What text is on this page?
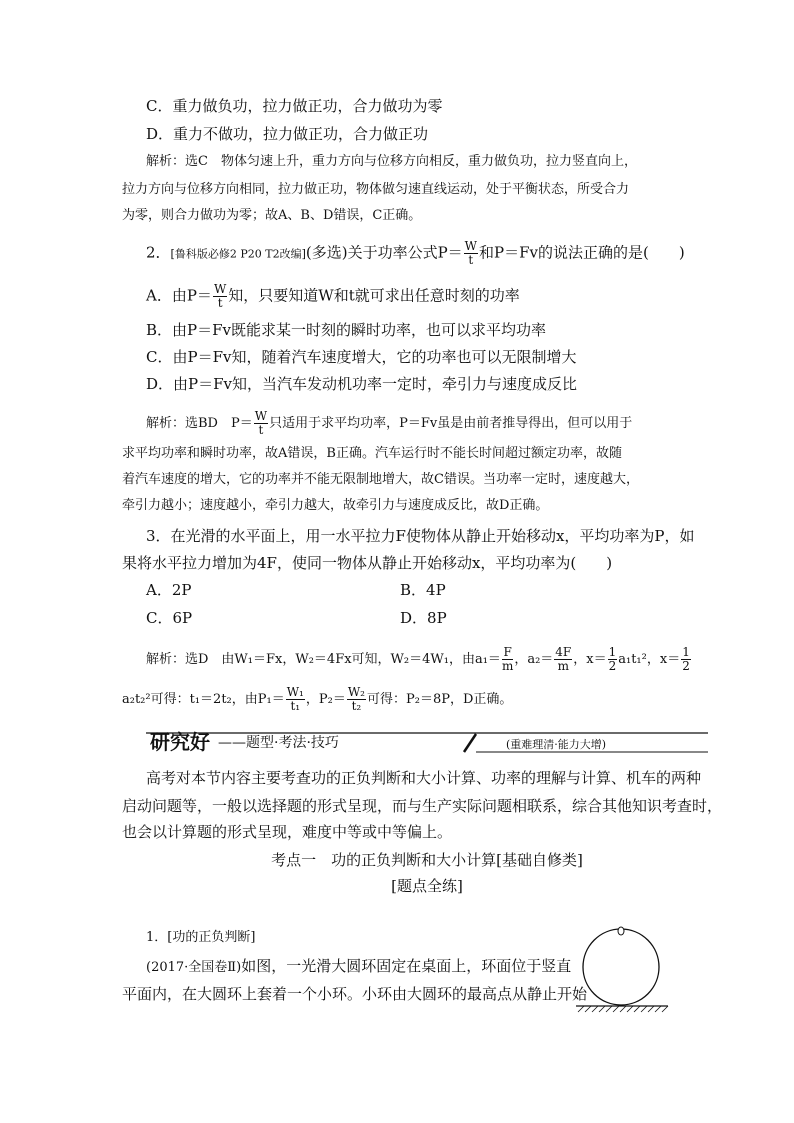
C．重力做负功，拉力做正功，合力做功为零
D．重力不做功，拉力做正功，合力做正功
解析：选C　物体匀速上升，重力方向与位移方向相反，重力做负功，拉力竖直向上，
拉力方向与位移方向相同，拉力做正功，物体做匀速直线运动，处于平衡状态，所受合力
为零，则合力做功为零；故A、B、D错误，C正确。
2．[鲁科版必修2 P20 T2改编](多选)关于功率公式$P= \frac{W}{t}$ 和P＝Fv的说法正确的是(　　)
A．由$P= \frac{W}{t}$ 知，只要知道W和t就可求出任意时刻的功率
B．由P＝Fv既能求某一时刻的瞬时功率，也可以求平均功率
C．由P＝Fv知，随着汽车速度增大，它的功率也可以无限制增大
D．由P＝Fv知，当汽车发动机功率一定时，牵引力与速度成反比
解析：选BD　$P= \frac{W}{t}$ 只适用于求平均功率，P＝Fv虽是由前者推导得出，但可以用于
求平均功率和瞬时功率，故A错误，B正确。汽车运行时不能长时间超过额定功率，故随
着汽车速度的增大，它的功率并不能无限制地增大，故C错误。当功率一定时，速度越大，
牵引力越小；速度越小，牵引力越大，故牵引力与速度成反比，故D正确。
3．在光滑的水平面上，用一水平拉力F使物体从静止开始移动x，平均功率为P，如
果将水平拉力增加为4F，使同一物体从静止开始移动x，平均功率为(　　)
A．2P	B．4P
C．6P	D．8P
解析：选D　由W₁＝Fx，W₂＝4Fx可知，W₂＝4W₁，由$a_1= \frac{F}{m}$ ，$a_2= \frac{4F}{m}$ ，$x= \frac{1}{2} a_1t_1^2$，$x= \frac{1}{2}$
a₂t₂²可得：t₁＝2t₂，由$P_1= \frac{\text{W₁}}{\text{t₁}}$ ，$P_2= \frac{\text{W₂}}{\text{t₂}}$ 可得：P₂＝8P，D正确。
研究好 ——题型·考法·技巧	(重难理清·能力大增)
高考对本节内容主要考查功的正负判断和大小计算、功率的理解与计算、机车的两种
启动问题等，一般以选择题的形式呈现，而与生产实际问题相联系，综合其他知识考查时，
也会以计算题的形式呈现，难度中等或中等偏上。
考点一　功的正负判断和大小计算[基础自修类]
[题点全练]
1．[功的正负判断]
(2017·全国卷Ⅱ)如图，一光滑大圆环固定在桌面上，环面位于竖直
平面内，在大圆环上套着一个小环。小环由大圆环的最高点从静止开始
